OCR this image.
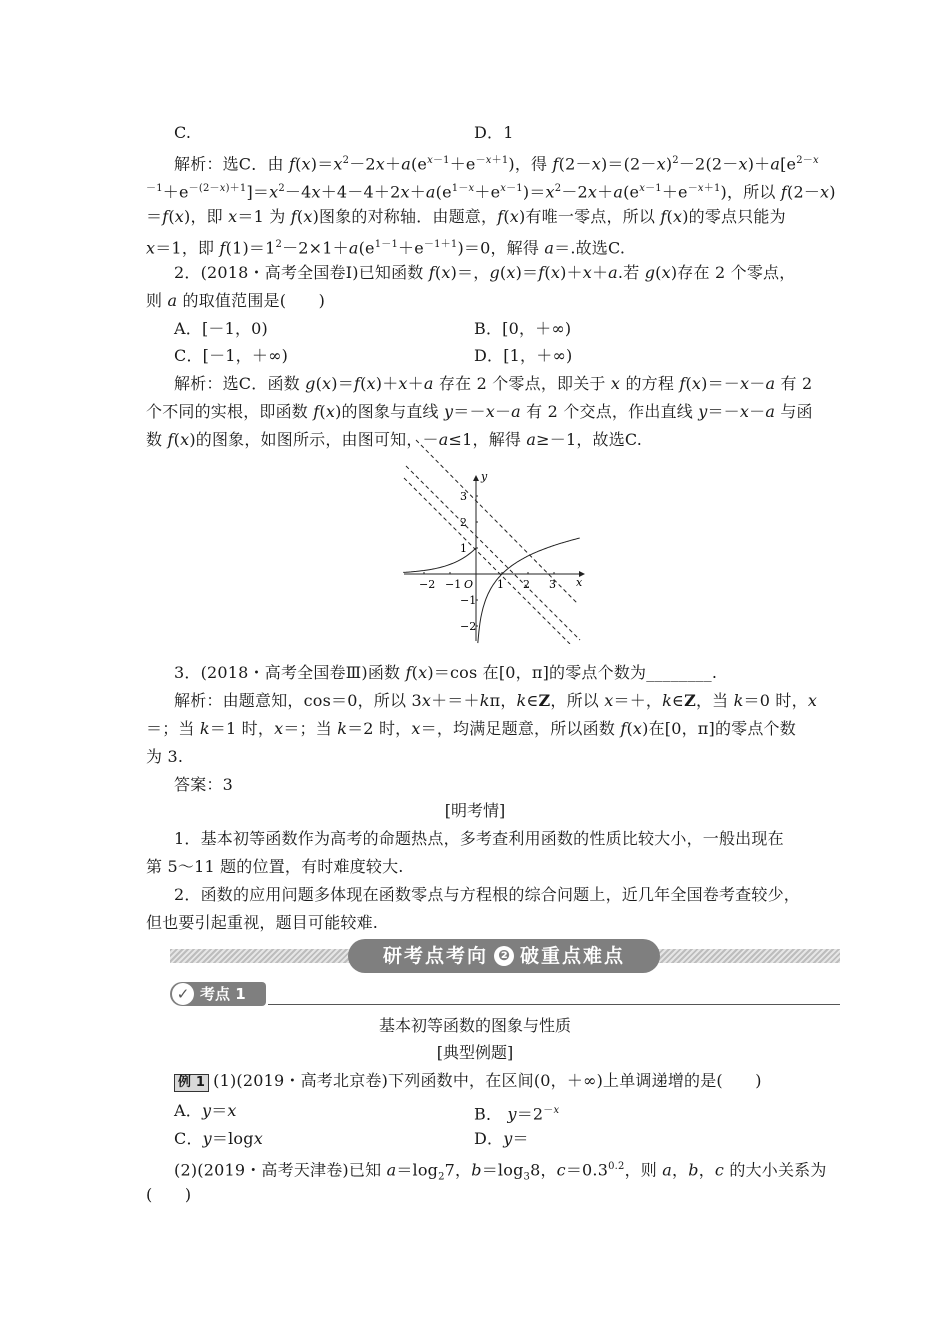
C.	D．1
解析：选C．由 $f(x)=x^2-2x+a(e^{x-1}+e^{-x+1})$，得 $f(2-x)=(2-x)^2-2(2-x)+a[e^{2-x}$
$^{-1}+e^{-(2-x)+1}]=x^2-4x+4-4+2x+a(e^{1-x}+e^{x-1})=x^2-2x+a(e^{x-1}+e^{-x+1})$，所以 f(2－x)
＝f(x)，即 x＝1 为 f(x)图象的对称轴．由题意，f(x)有唯一零点，所以 f(x)的零点只能为
x＝1，即 $f(1)=1^2-2\times 1+a(e^{1-1}+e^{-1+1})=0$，解得 a＝.故选C.
2．(2018・高考全国卷Ⅰ)已知函数 f(x)＝，g(x)＝f(x)＋x＋a.若 g(x)存在 2 个零点，
则 a 的取值范围是(　　)
A．[－1，0)	B．[0，＋∞)
C．[－1，＋∞)	D．[1，＋∞)
解析：选C．函数 g(x)＝f(x)＋x＋a 存在 2 个零点，即关于 x 的方程 f(x)＝－x－a 有 2
个不同的实根，即函数 f(x)的图象与直线 y＝－x－a 有 2 个交点，作出直线 y＝－x－a 与函
数 f(x)的图象，如图所示，由图可知，－a≤1，解得 a≥－1，故选C.
3．(2018・高考全国卷Ⅲ)函数 f(x)＝cos 在[0，π]的零点个数为________.
解析：由题意知，cos＝0，所以 3x＋＝＋kπ，k∈Z，所以 x＝＋，k∈Z，当 k＝0 时，x
＝；当 k＝1 时，x＝；当 k＝2 时，x＝，均满足题意，所以函数 f(x)在[0，π]的零点个数
为 3.
答案：3
1．基本初等函数作为高考的命题热点，多考查利用函数的性质比较大小，一般出现在
第 5～11 题的位置，有时难度较大.
2．函数的应用问题多体现在函数零点与方程根的综合问题上，近几年全国卷考查较少，
但也要引起重视，题目可能较难.
例 1 (1)(2019・高考北京卷)下列函数中，在区间(0，＋∞)上单调递增的是(　　)
A．y＝x	B． $y=2^{-x}$
C．y＝logx	D．y＝
(2)(2019・高考天津卷)已知 $a=\log_27$，$b=\log_38$，$c=0.3^{0.2}$，则 a，b，c 的大小关系为
(　　)
[明考情]
基本初等函数的图象与性质
[典型例题]
−2 −1	1 2 3
3
2
1
−1
−2
x
y
O
研考点考向 ❷ 破重点难点
✓ 考点 1
